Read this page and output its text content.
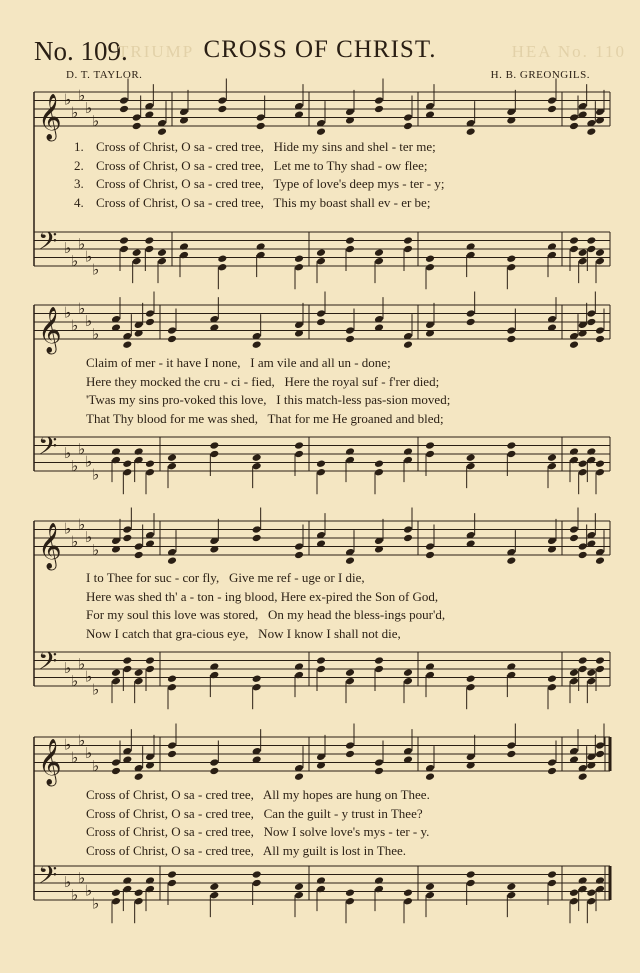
No. 109.	CROSS OF CHRIST.
TRIUMP	HEA No. 110
D. T. TAYLOR.	H. B. GREONGILS.
𝄞
𝄢
♭
♭
♭
♭
♭
♭
♭
♭
♭
♭
𝄞
𝄢
♭
♭
♭
♭
♭
♭
♭
♭
♭
♭
𝄞
𝄢
♭
♭
♭
♭
♭
♭
♭
♭
♭
♭
𝄞
𝄢
♭
♭
♭
♭
♭
♭
♭
♭
♭
♭
1. Cross of Christ, O sa - cred tree,   Hide my sins and shel - ter me;
2. Cross of Christ, O sa - cred tree,   Let me to Thy shad - ow flee;
3. Cross of Christ, O sa - cred tree,   Type of love's deep mys - ter - y;
4. Cross of Christ, O sa - cred tree,   This my boast shall ev - er be;
Claim of mer - it have I none,   I am vile and all un - done;
Here they mocked the cru - ci - fied,   Here the royal suf - f'rer died;
'Twas my sins pro-voked this love,   I this match-less pas-sion moved;
That Thy blood for me was shed,   That for me He groaned and bled;
I to Thee for suc - cor fly,   Give me ref - uge or I die,
Here was shed th' a - ton - ing blood, Here ex-pired the Son of God,
For my soul this love was stored,   On my head the bless-ings pour'd,
Now I catch that gra-cious eye,   Now I know I shall not die,
Cross of Christ, O sa - cred tree,   All my hopes are hung on Thee.
Cross of Christ, O sa - cred tree,   Can the guilt - y trust in Thee?
Cross of Christ, O sa - cred tree,   Now I solve love's mys - ter - y.
Cross of Christ, O sa - cred tree,   All my guilt is lost in Thee.
